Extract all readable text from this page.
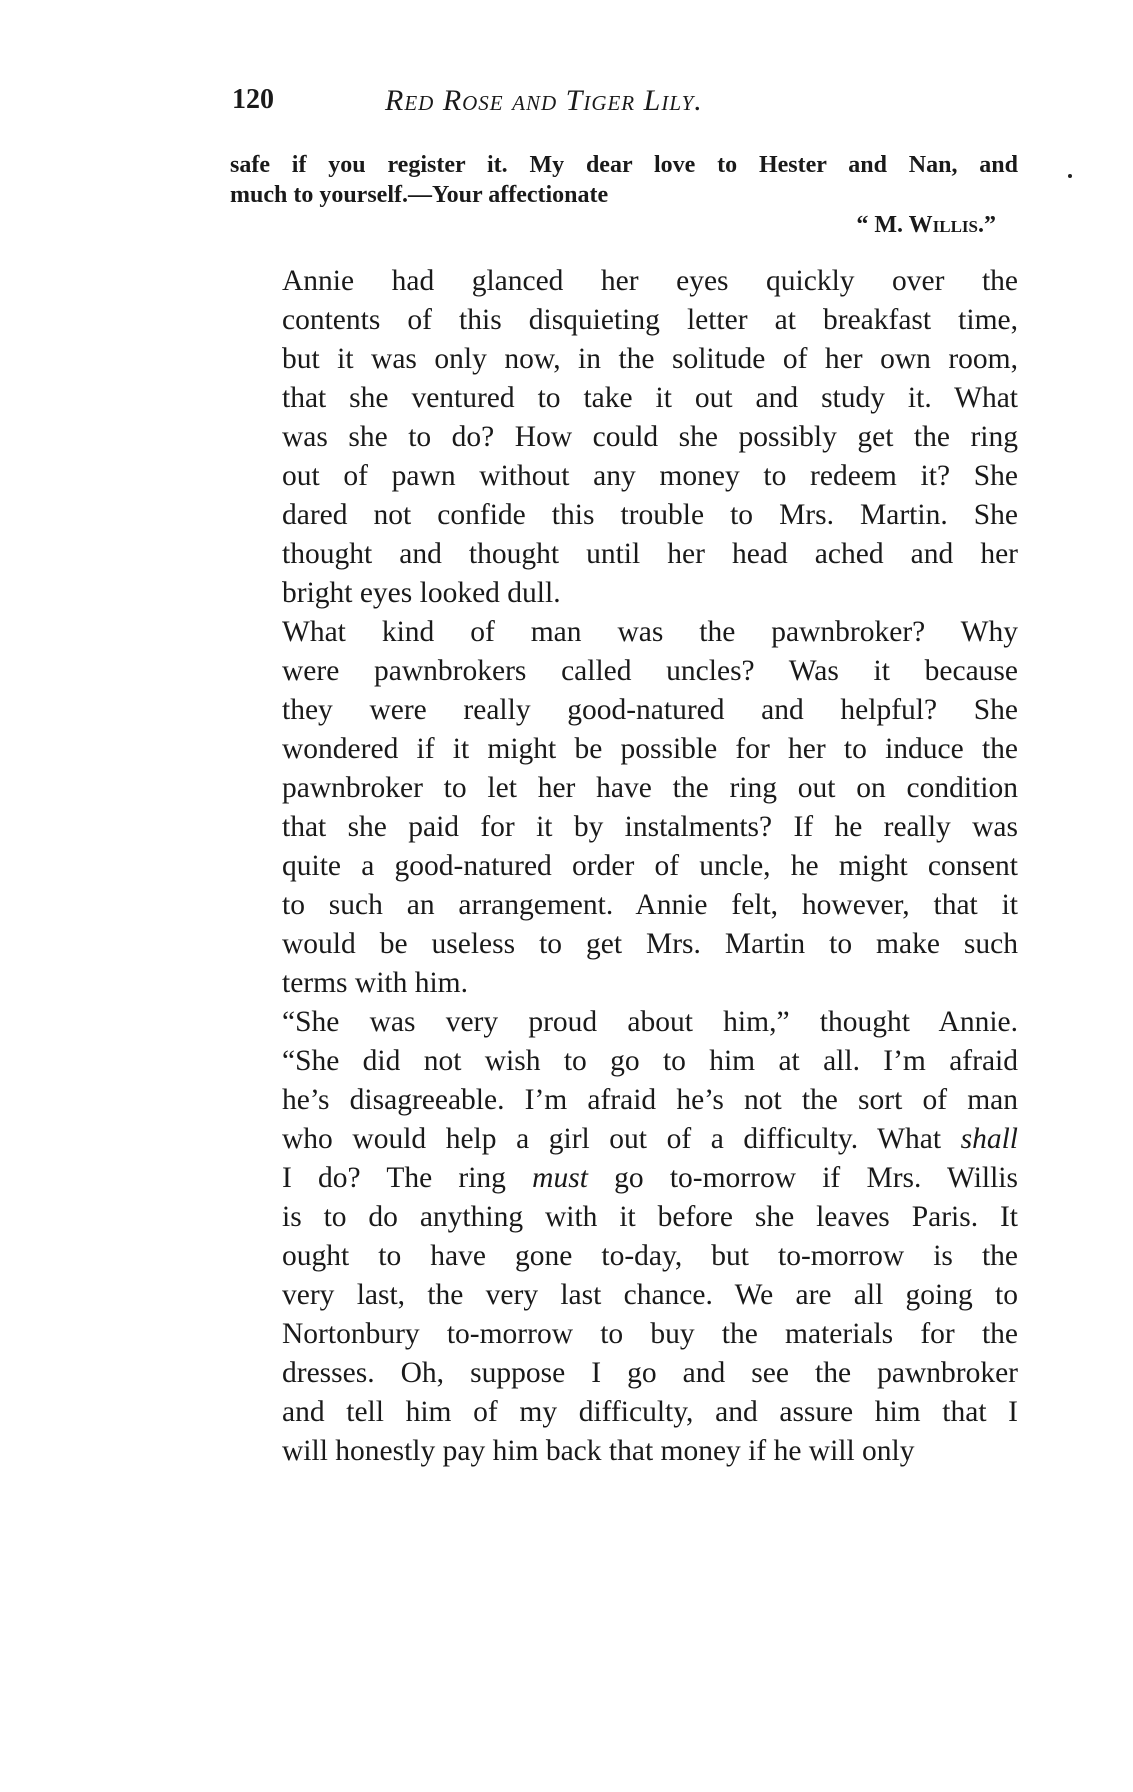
120	Red Rose and Tiger Lily.
safe if you register it. My dear love to Hester and Nan, and
much to yourself.—Your affectionate
“ M. Willis.”

Annie had glanced her eyes quickly over the
contents of this disquieting letter at breakfast time,
but it was only now, in the solitude of her own room,
that she ventured to take it out and study it. What
was she to do? How could she possibly get the ring
out of pawn without any money to redeem it? She
dared not confide this trouble to Mrs. Martin. She
thought and thought until her head ached and her
bright eyes looked dull.

What kind of man was the pawnbroker? Why
were pawnbrokers called uncles? Was it because
they were really good-natured and helpful? She
wondered if it might be possible for her to induce the
pawnbroker to let her have the ring out on condition
that she paid for it by instalments? If he really was
quite a good-natured order of uncle, he might consent
to such an arrangement. Annie felt, however, that it
would be useless to get Mrs. Martin to make such
terms with him.

“She was very proud about him,” thought Annie.
“She did not wish to go to him at all. I’m afraid
he’s disagreeable. I’m afraid he’s not the sort of man
who would help a girl out of a difficulty. What shall
I do? The ring must go to-morrow if Mrs. Willis
is to do anything with it before she leaves Paris. It
ought to have gone to-day, but to-morrow is the
very last, the very last chance. We are all going to
Nortonbury to-morrow to buy the materials for the
dresses. Oh, suppose I go and see the pawnbroker
and tell him of my difficulty, and assure him that I
will honestly pay him back that money if he will only
